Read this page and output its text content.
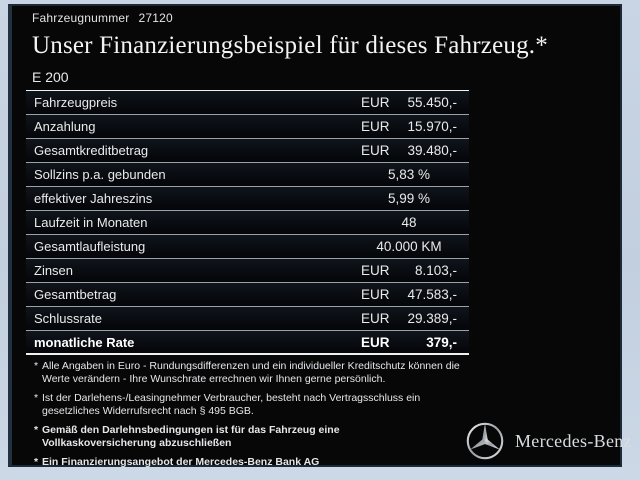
Fahrzeugnummer 27120
Unser Finanzierungsbeispiel für dieses Fahrzeug.*
E 200
Fahrzeugpreis	EUR	55.450,-
Anzahlung	EUR	15.970,-
Gesamtkreditbetrag	EUR	39.480,-
Sollzins p.a. gebunden	5,83 %
effektiver Jahreszins	5,99 %
Laufzeit in Monaten	48
Gesamtlaufleistung	40.000 KM
Zinsen	EUR	8.103,-
Gesamtbetrag	EUR	47.583,-
Schlussrate	EUR	29.389,-
monatliche Rate	EUR	379,-
* Alle Angaben in Euro - Rundungsdifferenzen und ein individueller Kreditschutz können die
Werte verändern - Ihre Wunschrate errechnen wir Ihnen gerne persönlich.
* Ist der Darlehens-/Leasingnehmer Verbraucher, besteht nach Vertragsschluss ein
gesetzliches Widerrufsrecht nach § 495 BGB.
* Gemäß den Darlehnsbedingungen ist für das Fahrzeug eine
Vollkaskoversicherung abzuschließen
* Ein Finanzierungsangebot der Mercedes-Benz Bank AG
Mercedes-Benz
